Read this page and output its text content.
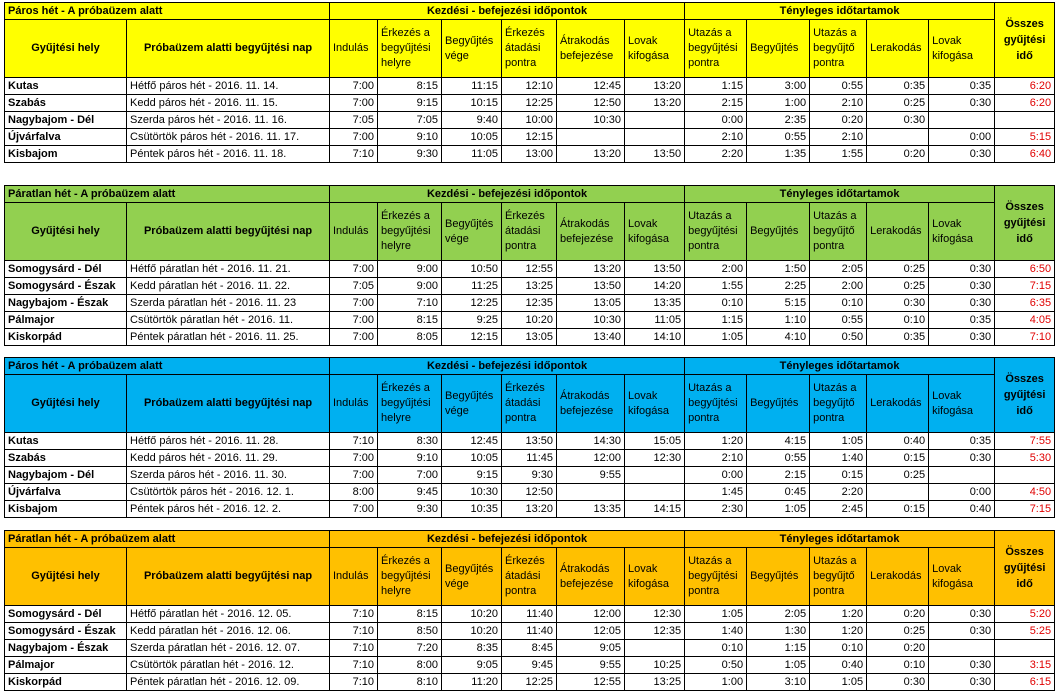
Páros hét - A próbaüzem alatt		Kezdési - befejezési időpontok						Tényleges időtartamok					Összes gyűjtési idő
Gyűjtési hely	Próbaüzem alatti begyűjtési nap	Indulás	Érkezés a begyűjtési helyre	Begyűjtés vége	Érkezés átadási pontra	Átrakodás befejezése	Lovak kifogása	Utazás a begyűjtési pontra	Begyűjtés	Utazás a begyűjtő pontra	Lerakodás	Lovak kifogása	
Kutas	Hétfő páros hét - 2016. 11. 14.	7:00	8:15	11:15	12:10	12:45	13:20	1:15	3:00	0:55	0:35	0:35	6:20
Szabás	Kedd páros hét - 2016. 11. 15.	7:00	9:15	10:15	12:25	12:50	13:20	2:15	1:00	2:10	0:25	0:30	6:20
Nagybajom - Dél	Szerda páros hét - 2016. 11. 16.	7:05	7:05	9:40	10:00	10:30		0:00	2:35	0:20	0:30		
Újvárfalva	Csütörtök páros hét - 2016. 11. 17.	7:00	9:10	10:05	12:15			2:10	0:55	2:10		0:00	5:15
Kisbajom	Péntek páros hét - 2016. 11. 18.	7:10	9:30	11:05	13:00	13:20	13:50	2:20	1:35	1:55	0:20	0:30	6:40
Páratlan hét - A próbaüzem alatt		Kezdési - befejezési időpontok						Tényleges időtartamok					Összes gyűjtési idő
Gyűjtési hely	Próbaüzem alatti begyűjtési nap	Indulás	Érkezés a begyűjtési helyre	Begyűjtés vége	Érkezés átadási pontra	Átrakodás befejezése	Lovak kifogása	Utazás a begyűjtési pontra	Begyűjtés	Utazás a begyűjtő pontra	Lerakodás	Lovak kifogása	
Somogysárd - Dél	Hétfő páratlan hét - 2016. 11. 21.	7:00	9:00	10:50	12:55	13:20	13:50	2:00	1:50	2:05	0:25	0:30	6:50
Somogysárd - Észak	Kedd páratlan hét - 2016. 11. 22.	7:05	9:00	11:25	13:25	13:50	14:20	1:55	2:25	2:00	0:25	0:30	7:15
Nagybajom - Észak	Szerda páratlan hét - 2016. 11. 23	7:00	7:10	12:25	12:35	13:05	13:35	0:10	5:15	0:10	0:30	0:30	6:35
Pálmajor	Csütörtök páratlan hét - 2016. 11.	7:00	8:15	9:25	10:20	10:30	11:05	1:15	1:10	0:55	0:10	0:35	4:05
Kiskorpád	Péntek páratlan hét - 2016. 11. 25.	7:00	8:05	12:15	13:05	13:40	14:10	1:05	4:10	0:50	0:35	0:30	7:10
Páros hét - A próbaüzem alatt		Kezdési - befejezési időpontok						Tényleges időtartamok					Összes gyűjtési idő
Gyűjtési hely	Próbaüzem alatti begyűjtési nap	Indulás	Érkezés a begyűjtési helyre	Begyűjtés vége	Érkezés átadási pontra	Átrakodás befejezése	Lovak kifogása	Utazás a begyűjtési pontra	Begyűjtés	Utazás a begyűjtő pontra	Lerakodás	Lovak kifogása	
Kutas	Hétfő páros hét - 2016. 11. 28.	7:10	8:30	12:45	13:50	14:30	15:05	1:20	4:15	1:05	0:40	0:35	7:55
Szabás	Kedd páros hét - 2016. 11. 29.	7:00	9:10	10:05	11:45	12:00	12:30	2:10	0:55	1:40	0:15	0:30	5:30
Nagybajom - Dél	Szerda páros hét - 2016. 11. 30.	7:00	7:00	9:15	9:30	9:55		0:00	2:15	0:15	0:25		
Újvárfalva	Csütörtök páros hét - 2016. 12. 1.	8:00	9:45	10:30	12:50			1:45	0:45	2:20		0:00	4:50
Kisbajom	Péntek páros hét - 2016. 12. 2.	7:00	9:30	10:35	13:20	13:35	14:15	2:30	1:05	2:45	0:15	0:40	7:15
Páratlan hét - A próbaüzem alatt		Kezdési - befejezési időpontok						Tényleges időtartamok					Összes gyűjtési idő
Gyűjtési hely	Próbaüzem alatti begyűjtési nap	Indulás	Érkezés a begyűjtési helyre	Begyűjtés vége	Érkezés átadási pontra	Átrakodás befejezése	Lovak kifogása	Utazás a begyűjtési pontra	Begyűjtés	Utazás a begyűjtő pontra	Lerakodás	Lovak kifogása	
Somogysárd - Dél	Hétfő páratlan hét - 2016. 12. 05.	7:10	8:15	10:20	11:40	12:00	12:30	1:05	2:05	1:20	0:20	0:30	5:20
Somogysárd - Észak	Kedd páratlan hét - 2016. 12. 06.	7:10	8:50	10:20	11:40	12:05	12:35	1:40	1:30	1:20	0:25	0:30	5:25
Nagybajom - Észak	Szerda páratlan hét - 2016. 12. 07.	7:10	7:20	8:35	8:45	9:05		0:10	1:15	0:10	0:20		
Pálmajor	Csütörtök páratlan hét - 2016. 12.	7:10	8:00	9:05	9:45	9:55	10:25	0:50	1:05	0:40	0:10	0:30	3:15
Kiskorpád	Péntek páratlan hét - 2016. 12. 09.	7:10	8:10	11:20	12:25	12:55	13:25	1:00	3:10	1:05	0:30	0:30	6:15
